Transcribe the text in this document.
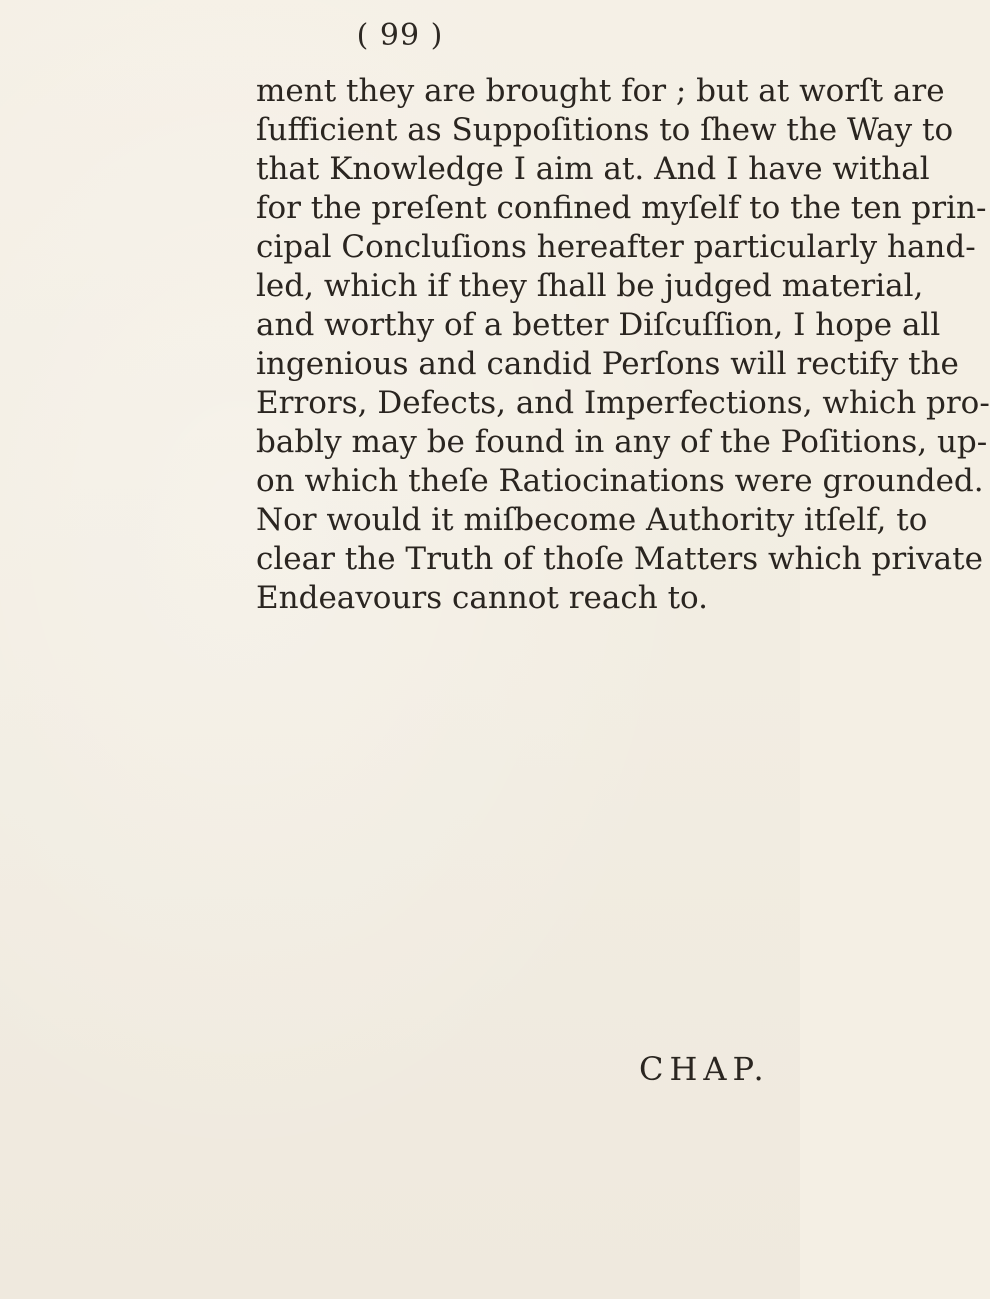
( 99 )
ment they are brought for ; but at worſt are
ſufficient as Suppoſitions to ſhew the Way to
that Knowledge I aim at. And I have withal
for the preſent confined myſelf to the ten prin-
cipal Concluſions hereafter particularly hand-
led, which if they ſhall be judged material,
and worthy of a better Diſcuſſion, I hope all
ingenious and candid Perſons will rectify the
Errors, Defects, and Imperfections, which pro-
bably may be found in any of the Poſitions, up-
on which theſe Ratiocinations were grounded.
Nor would it miſbecome Authority itſelf, to
clear the Truth of thoſe Matters which private
Endeavours cannot reach to.
CHAP.
